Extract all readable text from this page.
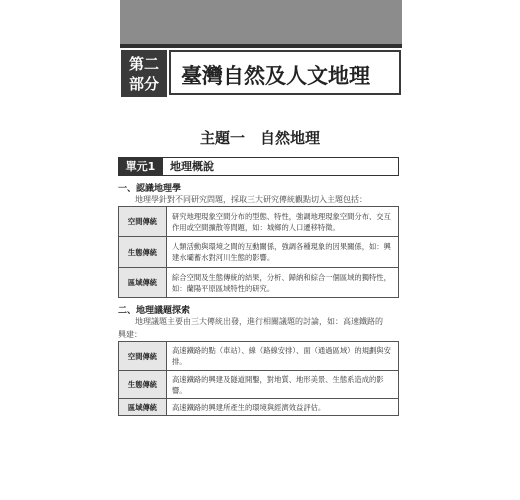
第二
部分	臺灣自然及人文地理
主題一　自然地理
單元1	地理概說
一、認識地理學
地理學針對不同研究問題，採取三大研究傳統觀點切入主題包括：
空間傳統	研究地理現象空間分布的型態、特性，強調地理現象空間分布、交互作用或空間擴散等問題，如：城鄉的人口遷移特徵。
生態傳統	人類活動與環境之間的互動關係，強調各種現象的因果關係，如：興建水壩蓄水對河川生態的影響。
區域傳統	綜合空間及生態傳統的結果，分析、歸納和綜合一個區域的獨特性，如：蘭陽平原區域特性的研究。
二、地理議題探索
地理議題主要由三大傳統出發，進行相關議題的討論，如：高速鐵路的
興建：
空間傳統	高速鐵路的點（車站）、線（路線安排）、面（通過區域）的規劃與安排。
生態傳統	高速鐵路的興建及隧道開鑿，對地質、地形美景、生態系造成的影響。
區域傳統	高速鐵路的興建所產生的環境與經濟效益評估。
